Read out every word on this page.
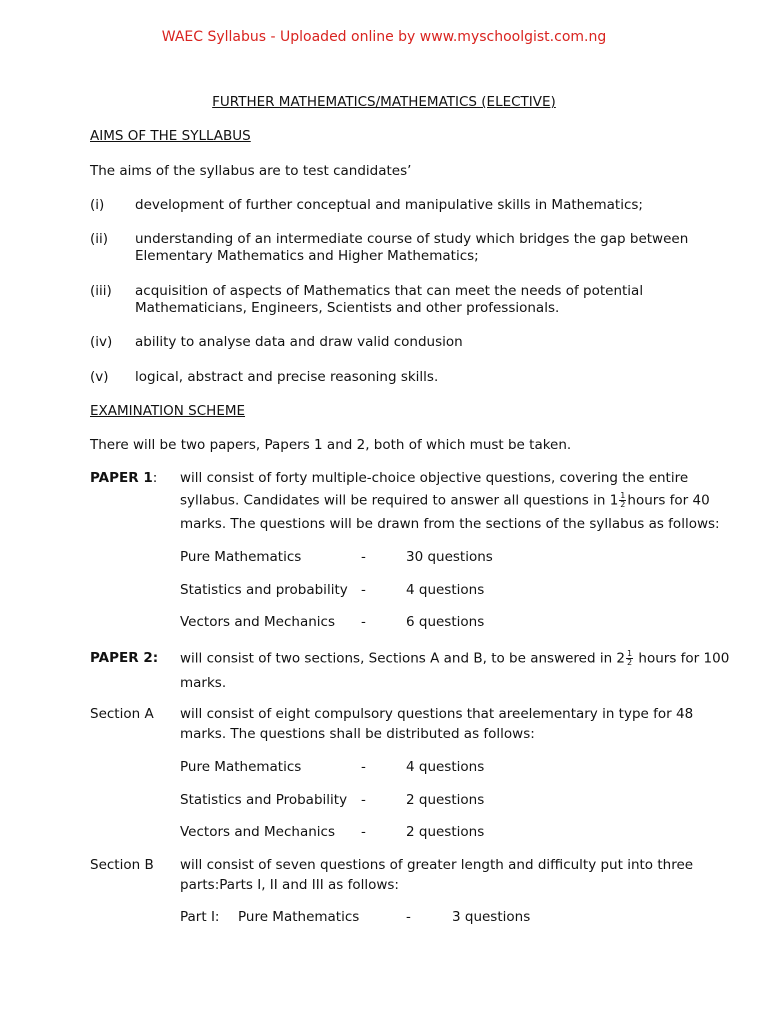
WAEC Syllabus - Uploaded online by www.myschoolgist.com.ng
FURTHER MATHEMATICS/MATHEMATICS (ELECTIVE)
AIMS OF THE SYLLABUS
The aims of the syllabus are to test candidates’
(i) development of further conceptual and manipulative skills in Mathematics;
(ii) understanding of an intermediate course of study which bridges the gap between
Elementary Mathematics and Higher Mathematics;
(iii) acquisition of aspects of Mathematics that can meet the needs of potential
Mathematicians, Engineers, Scientists and other professionals.
(iv) ability to analyse data and draw valid condusion
(v) logical, abstract and precise reasoning skills.
EXAMINATION SCHEME
There will be two papers, Papers 1 and 2, both of which must be taken.
PAPER 1: will consist of forty multiple-choice objective questions, covering the entire
syllabus. Candidates will be required to answer all questions in $1 \frac{1}{2}$ hours for 40
marks. The questions will be drawn from the sections of the syllabus as follows:
Pure Mathematics	-	30 questions
Statistics and probability -	4 questions
Vectors and Mechanics -	6 questions
PAPER 2: will consist of two sections, Sections A and B, to be answered in $2 \frac{1}{2}$ hours for 100
marks.
Section A will consist of eight compulsory questions that areelementary in type for 48
marks. The questions shall be distributed as follows:
Pure Mathematics	-	4 questions
Statistics and Probability -	2 questions
Vectors and Mechanics -	2 questions
Section B will consist of seven questions of greater length and difficulty put into three
parts:Parts I, II and III as follows:
Part I: Pure Mathematics	-	3 questions
